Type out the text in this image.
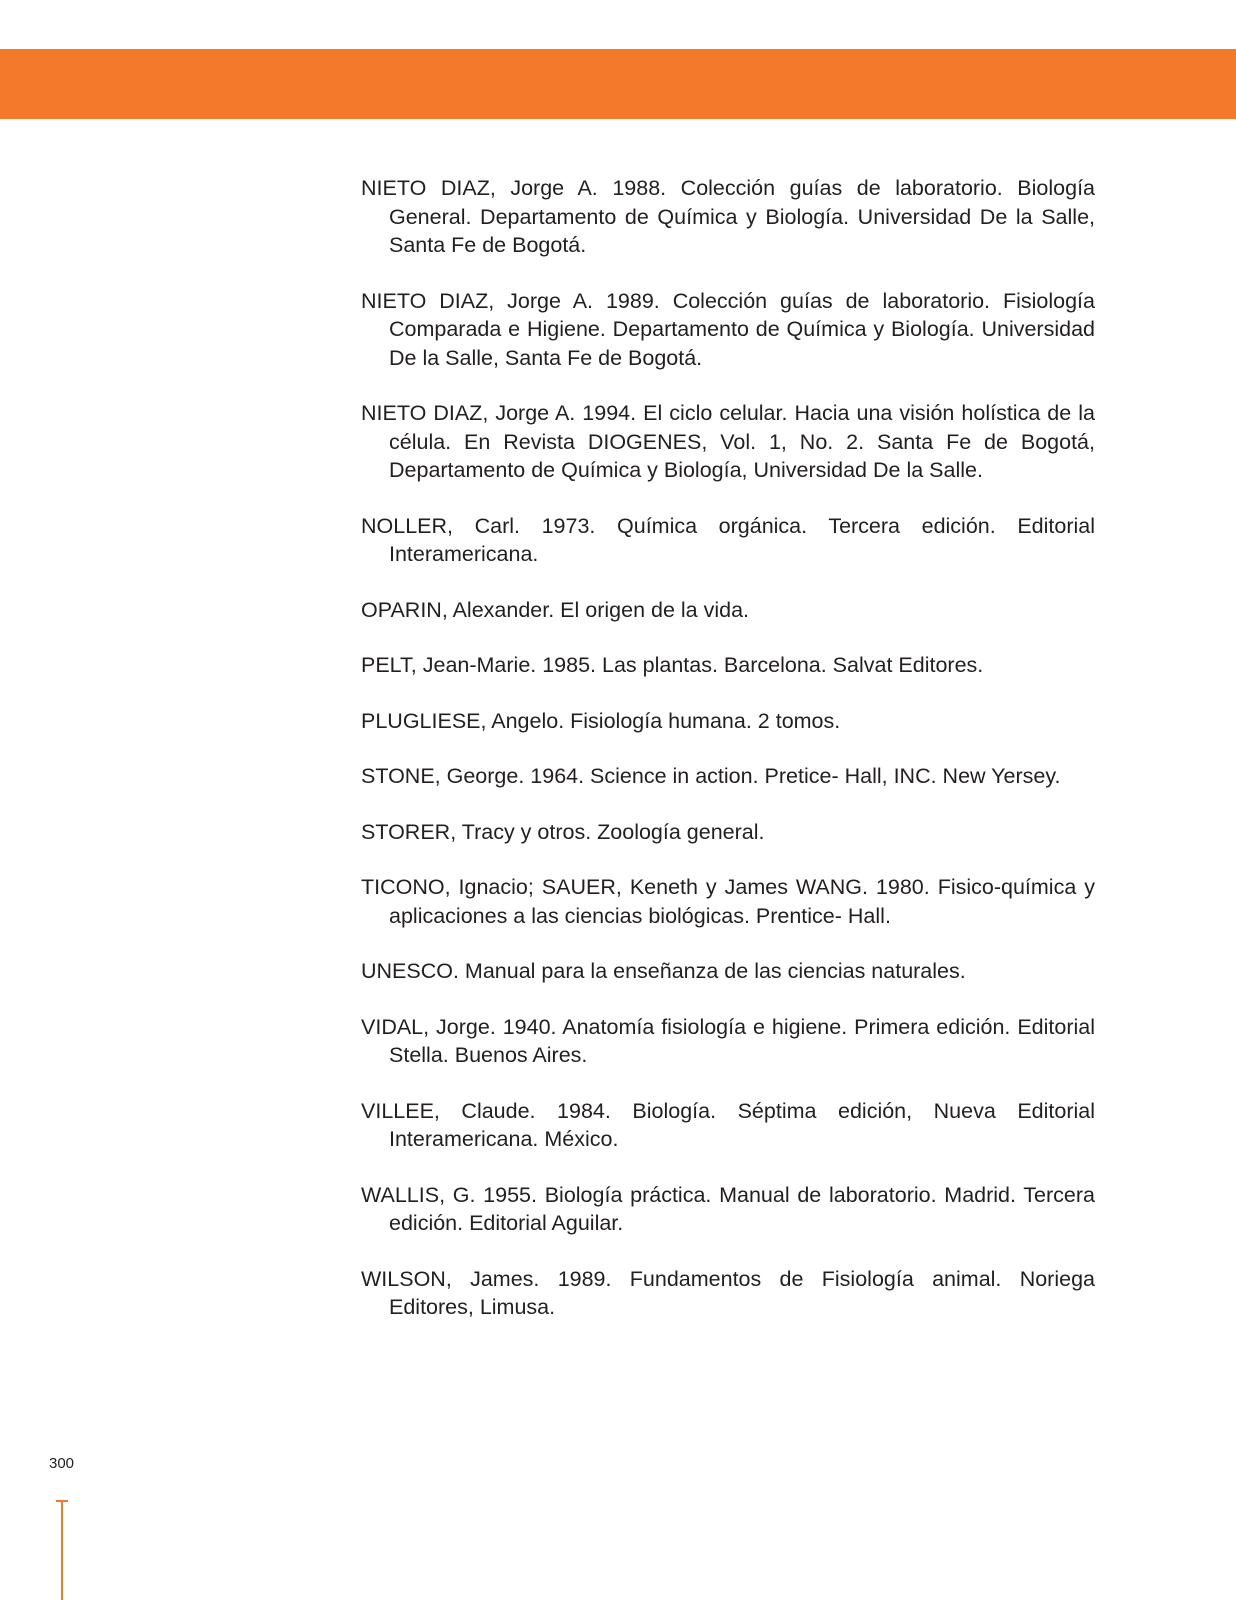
NIETO DIAZ, Jorge A. 1988. Colección guías de laboratorio. Biología General. Departamento de Química y Biología. Universidad De la Salle, Santa Fe de Bogotá.

NIETO DIAZ, Jorge A. 1989. Colección guías de laboratorio. Fisiología Comparada e Higiene. Departamento de Química y Biología. Universidad De la Salle, Santa Fe de Bogotá.

NIETO DIAZ, Jorge A. 1994. El ciclo celular. Hacia una visión holística de la célula. En Revista DIOGENES, Vol. 1, No. 2. Santa Fe de Bogotá, Departamento de Química y Biología, Universidad De la Salle.

NOLLER, Carl. 1973. Química orgánica. Tercera edición. Editorial Interamericana.

OPARIN, Alexander. El origen de la vida.

PELT, Jean-Marie. 1985. Las plantas. Barcelona. Salvat Editores.

PLUGLIESE, Angelo. Fisiología humana. 2 tomos.

STONE, George. 1964. Science in action. Pretice- Hall, INC. New Yersey.

STORER, Tracy y otros. Zoología general.

TICONO, Ignacio; SAUER, Keneth y James WANG. 1980. Fisico-química y aplicaciones a las ciencias biológicas. Prentice- Hall.

UNESCO. Manual para la enseñanza de las ciencias naturales.

VIDAL, Jorge. 1940. Anatomía fisiología e higiene. Primera edición. Editorial Stella. Buenos Aires.

VILLEE, Claude. 1984. Biología. Séptima edición, Nueva Editorial Interamericana. México.

WALLIS, G. 1955. Biología práctica. Manual de laboratorio. Madrid. Tercera edición. Editorial Aguilar.

WILSON, James. 1989. Fundamentos de Fisiología animal. Noriega Editores, Limusa.

300
